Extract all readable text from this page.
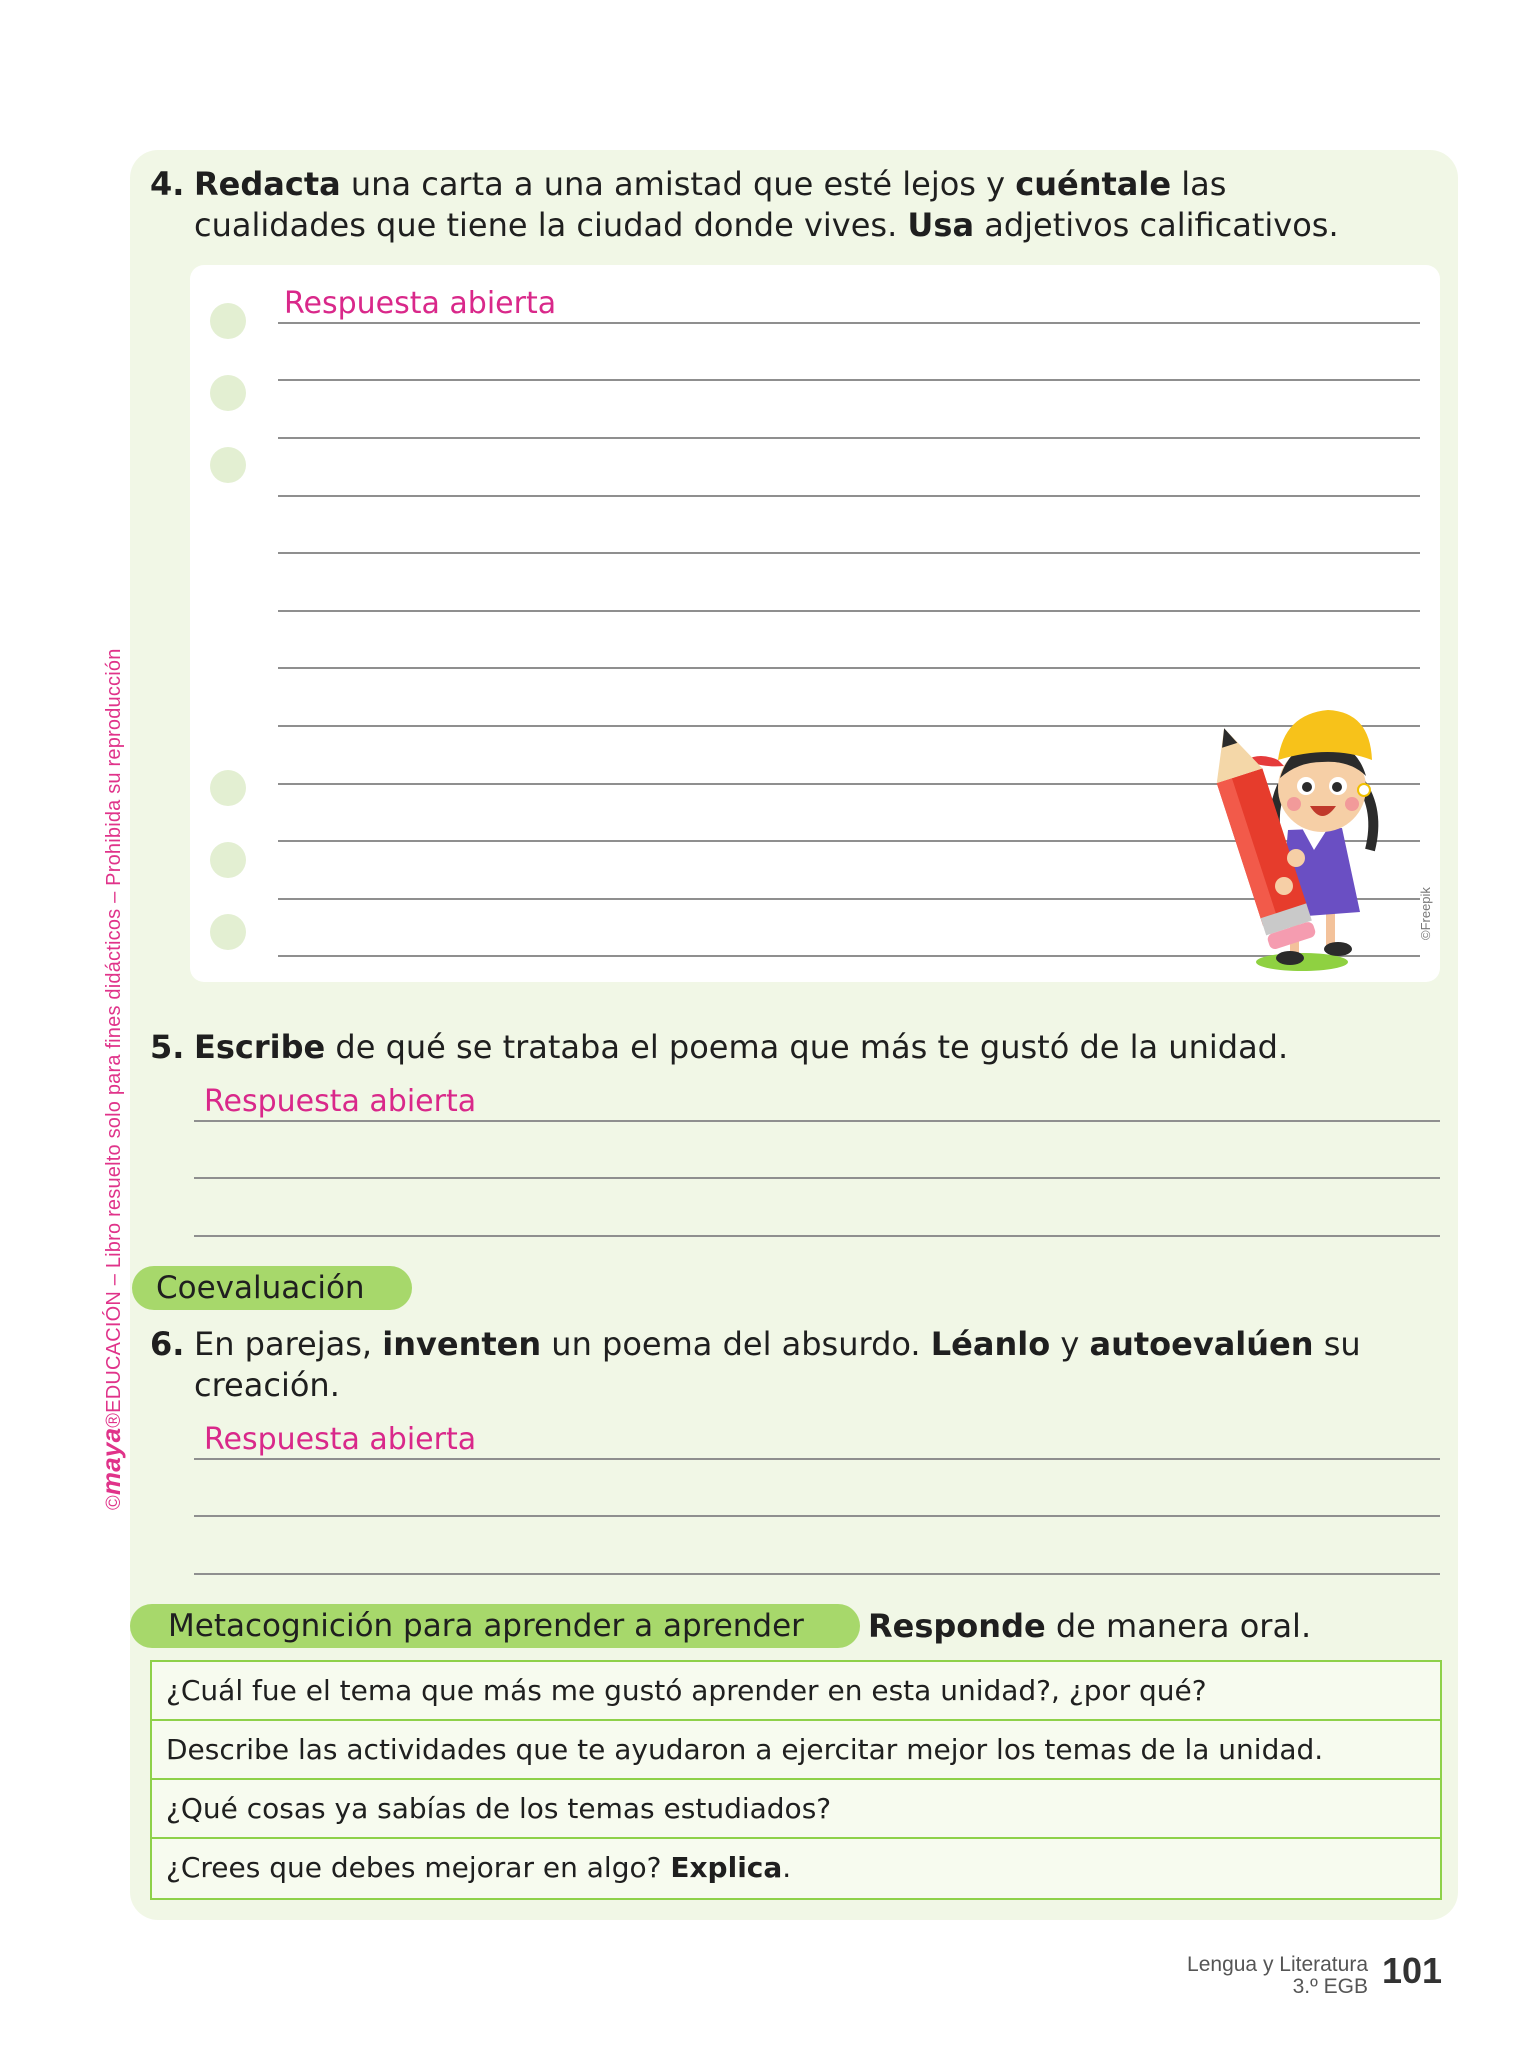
©maya®EDUCACIÓN – Libro resuelto solo para fines didácticos – Prohibida su reproducción
4. Redacta una carta a una amistad que esté lejos y cuéntale las
cualidades que tiene la ciudad donde vives. Usa adjetivos calificativos.
Respuesta abierta
©Freepik
5. Escribe de qué se trataba el poema que más te gustó de la unidad.
Respuesta abierta
Coevaluación
6. En parejas, inventen un poema del absurdo. Léanlo y autoevalúen su
creación.
Respuesta abierta
Metacognición para aprender a aprender	Responde de manera oral.
¿Cuál fue el tema que más me gustó aprender en esta unidad?, ¿por qué?
Describe las actividades que te ayudaron a ejercitar mejor los temas de la unidad.
¿Qué cosas ya sabías de los temas estudiados?
¿Crees que debes mejorar en algo? Explica.
Lengua y Literatura
3.º EGB 101
